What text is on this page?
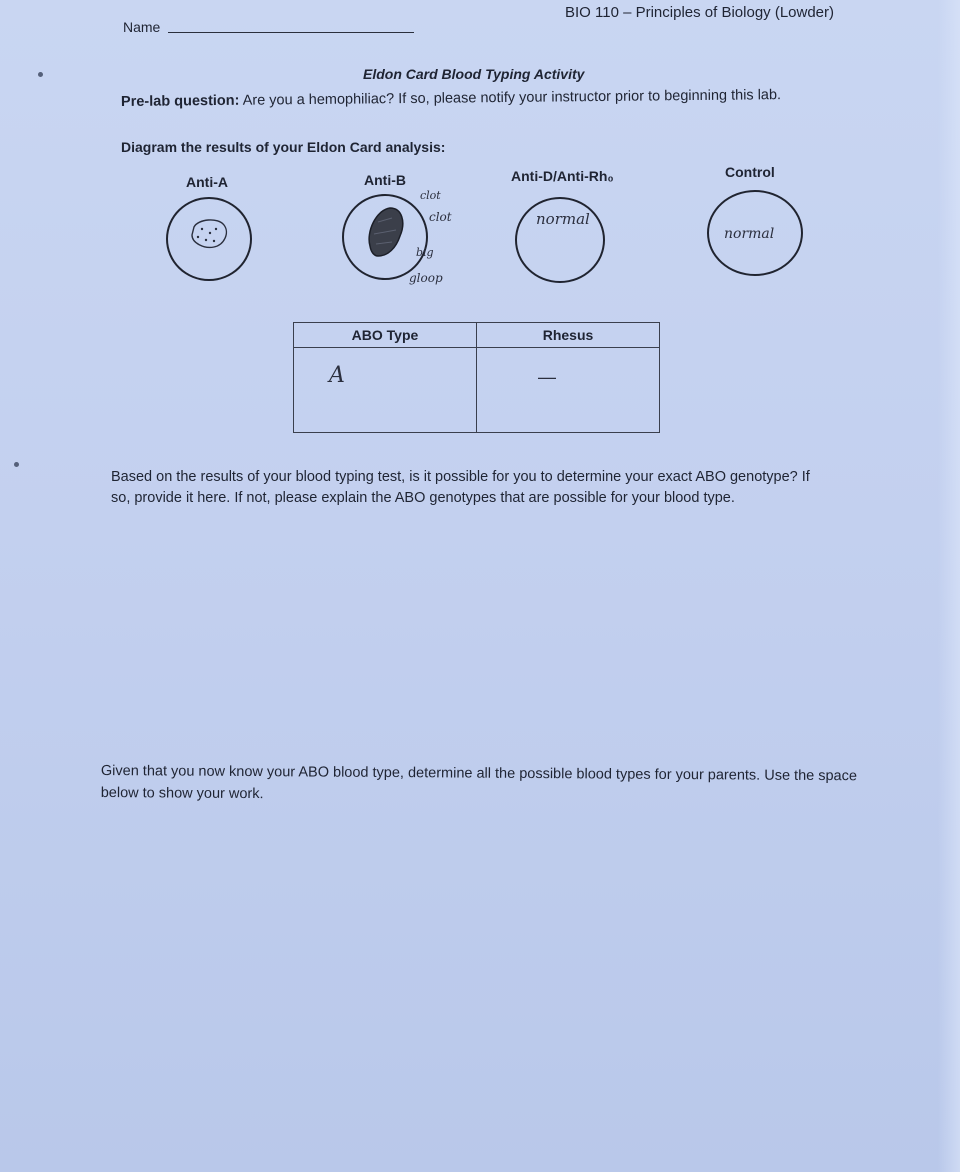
Name
BIO 110 – Principles of Biology (Lowder)
Eldon Card Blood Typing Activity
Pre-lab question: Are you a hemophiliac? If so, please notify your instructor prior to beginning this lab.
Diagram the results of your Eldon Card analysis:
Anti-A	Anti-B	Anti-D/Anti-Rh₀	Control
clot
clot
big
gloop
normal
normal
ABO Type	Rhesus
A	—
Based on the results of your blood typing test, is it possible for you to determine your exact ABO genotype? If so, provide it here. If not, please explain the ABO genotypes that are possible for your blood type.
Given that you now know your ABO blood type, determine all the possible blood types for your parents. Use the space below to show your work.
